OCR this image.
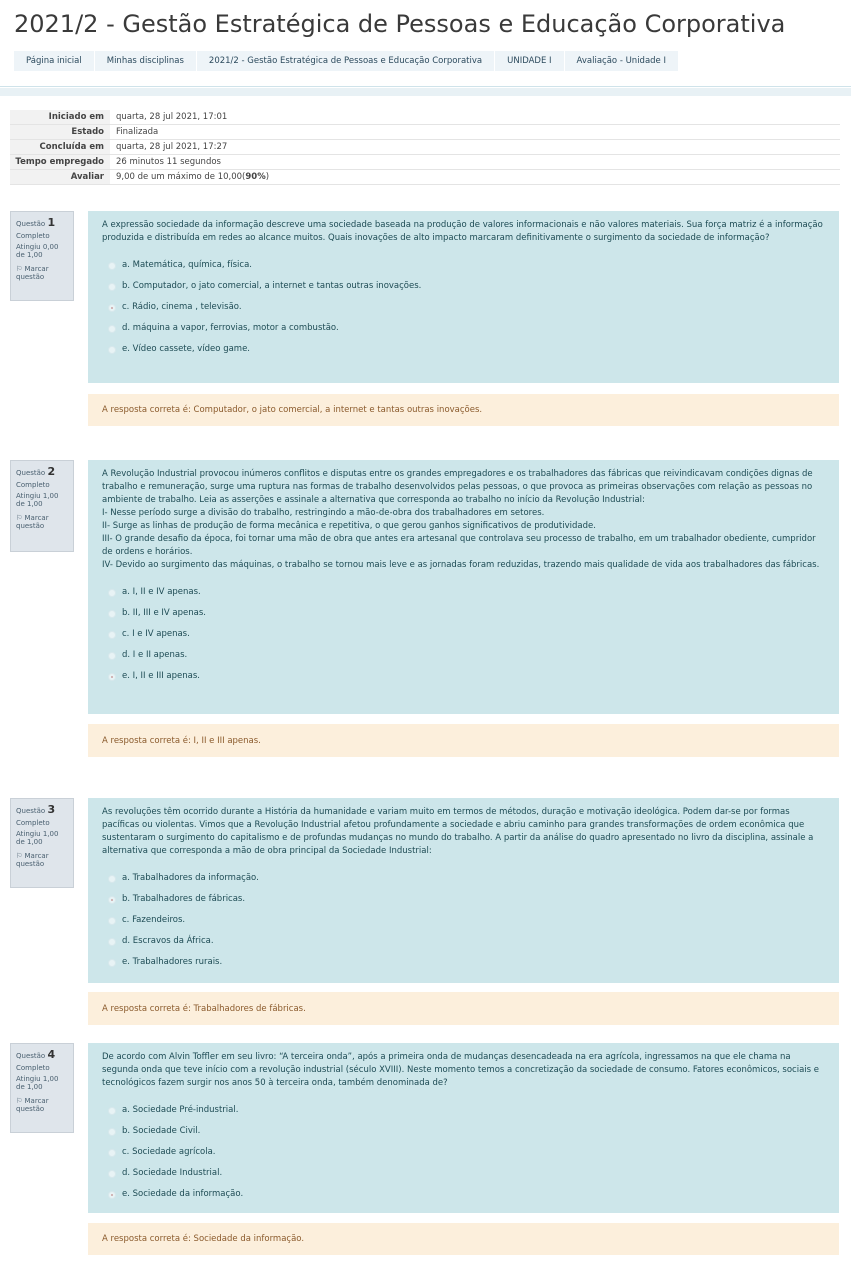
2021/2 - Gestão Estratégica de Pessoas e Educação Corporativa
Página inicial	Minhas disciplinas	2021/2 - Gestão Estratégica de Pessoas e Educação Corporativa	UNIDADE I	Avaliação - Unidade I
Iniciado em	quarta, 28 jul 2021, 17:01
Estado	Finalizada
Concluída em	quarta, 28 jul 2021, 17:27
Tempo empregado	26 minutos 11 segundos
Avaliar	9,00 de um máximo de 10,00(90%)
Questão 1
Completo
Atingiu 0,00 de 1,00
⚐ Marcar questão

A expressão sociedade da informação descreve uma sociedade baseada na produção de valores informacionais e não valores materiais. Sua força matriz é a informação produzida e distribuída em redes ao alcance muitos. Quais inovações de alto impacto marcaram definitivamente o surgimento da sociedade de informação?

a. Matemática, química, física.
b. Computador, o jato comercial, a internet e tantas outras inovações.
c. Rádio, cinema , televisão.
d. máquina a vapor, ferrovias, motor a combustão.
e. Vídeo cassete, vídeo game.
A resposta correta é: Computador, o jato comercial, a internet e tantas outras inovações.
Questão 2
Completo
Atingiu 1,00 de 1,00
⚐ Marcar questão

A Revolução Industrial provocou inúmeros conflitos e disputas entre os grandes empregadores e os trabalhadores das fábricas que reivindicavam condições dignas de trabalho e remuneração, surge uma ruptura nas formas de trabalho desenvolvidos pelas pessoas, o que provoca as primeiras observações com relação as pessoas no ambiente de trabalho. Leia as asserções e assinale a alternativa que corresponda ao trabalho no início da Revolução Industrial:
I- Nesse período surge a divisão do trabalho, restringindo a mão-de-obra dos trabalhadores em setores.
II- Surge as linhas de produção de forma mecânica e repetitiva, o que gerou ganhos significativos de produtividade.
III- O grande desafio da época, foi tornar uma mão de obra que antes era artesanal que controlava seu processo de trabalho, em um trabalhador obediente, cumpridor de ordens e horários.
IV- Devido ao surgimento das máquinas, o trabalho se tornou mais leve e as jornadas foram reduzidas, trazendo mais qualidade de vida aos trabalhadores das fábricas.

a. I, II e IV apenas.
b. II, III e IV apenas.
c. I e IV apenas.
d. I e II apenas.
e. I, II e III apenas.
A resposta correta é: I, II e III apenas.
Questão 3
Completo
Atingiu 1,00 de 1,00
⚐ Marcar questão

As revoluções têm ocorrido durante a História da humanidade e variam muito em termos de métodos, duração e motivação ideológica. Podem dar-se por formas pacíficas ou violentas. Vimos que a Revolução Industrial afetou profundamente a sociedade e abriu caminho para grandes transformações de ordem econômica que sustentaram o surgimento do capitalismo e de profundas mudanças no mundo do trabalho. A partir da análise do quadro apresentado no livro da disciplina, assinale a alternativa que corresponda a mão de obra principal da Sociedade Industrial:

a. Trabalhadores da informação.
b. Trabalhadores de fábricas.
c. Fazendeiros.
d. Escravos da África.
e. Trabalhadores rurais.
A resposta correta é: Trabalhadores de fábricas.
Questão 4
Completo
Atingiu 1,00 de 1,00
⚐ Marcar questão

De acordo com Alvin Toffler em seu livro: “A terceira onda”, após a primeira onda de mudanças desencadeada na era agrícola, ingressamos na que ele chama na segunda onda que teve início com a revolução industrial (século XVIII). Neste momento temos a concretização da sociedade de consumo. Fatores econômicos, sociais e tecnológicos fazem surgir nos anos 50 à terceira onda, também denominada de?

a. Sociedade Pré-industrial.
b. Sociedade Civil.
c. Sociedade agrícola.
d. Sociedade Industrial.
e. Sociedade da informação.
A resposta correta é: Sociedade da informação.
